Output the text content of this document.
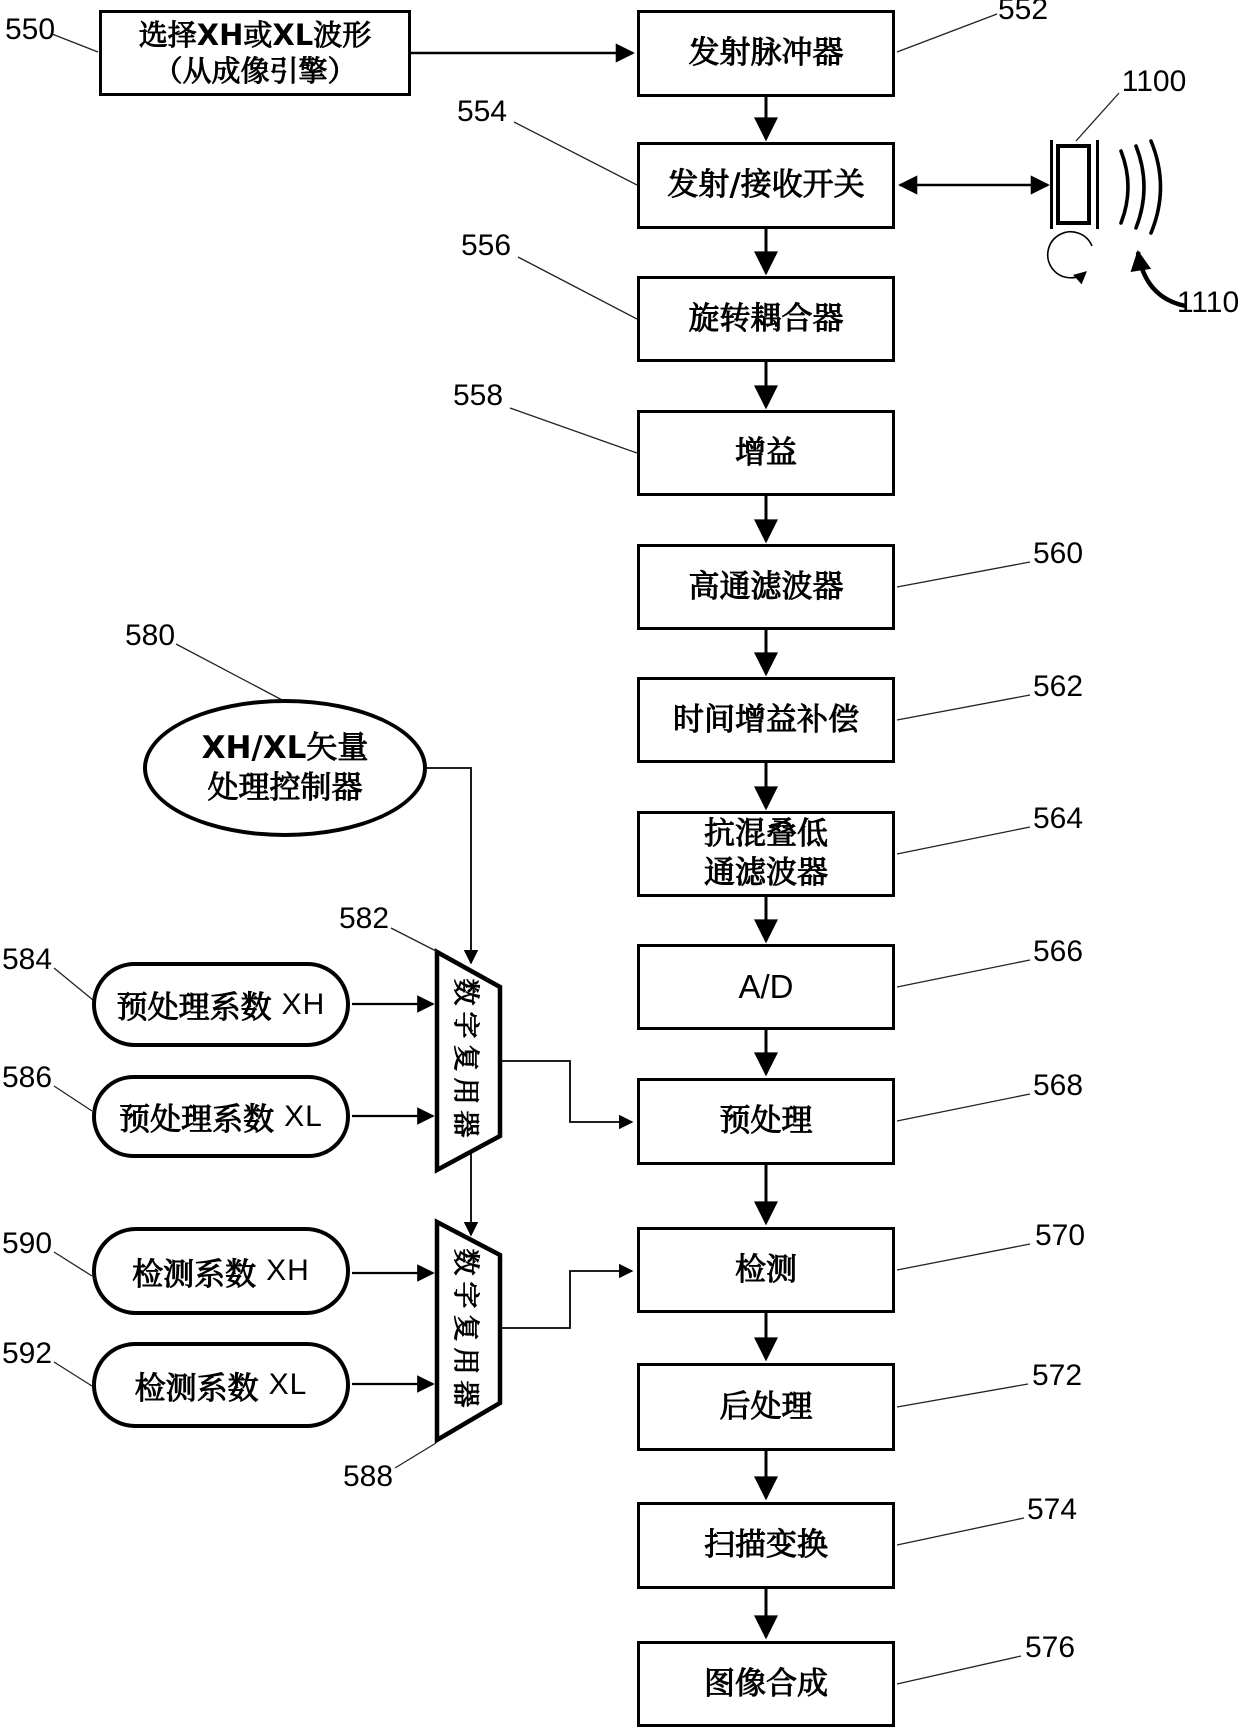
选择XH或XL波形
（从成像引擎）	发射脉冲器
发射/接收开关
旋转耦合器
增益
高通滤波器
时间增益补偿
抗混叠低
通滤波器
A/D
预处理
检测
后处理
扫描变换
图像合成
XH/XL矢量
处理控制器
预处理系数 XH
预处理系数 XL
检测系数 XH
检测系数 XL
数字复用器
数字复用器
550
552
554
556
558
560
562
564
566
568
570
572
574
576
580
582
588
584
586
590
592
1100
1110
